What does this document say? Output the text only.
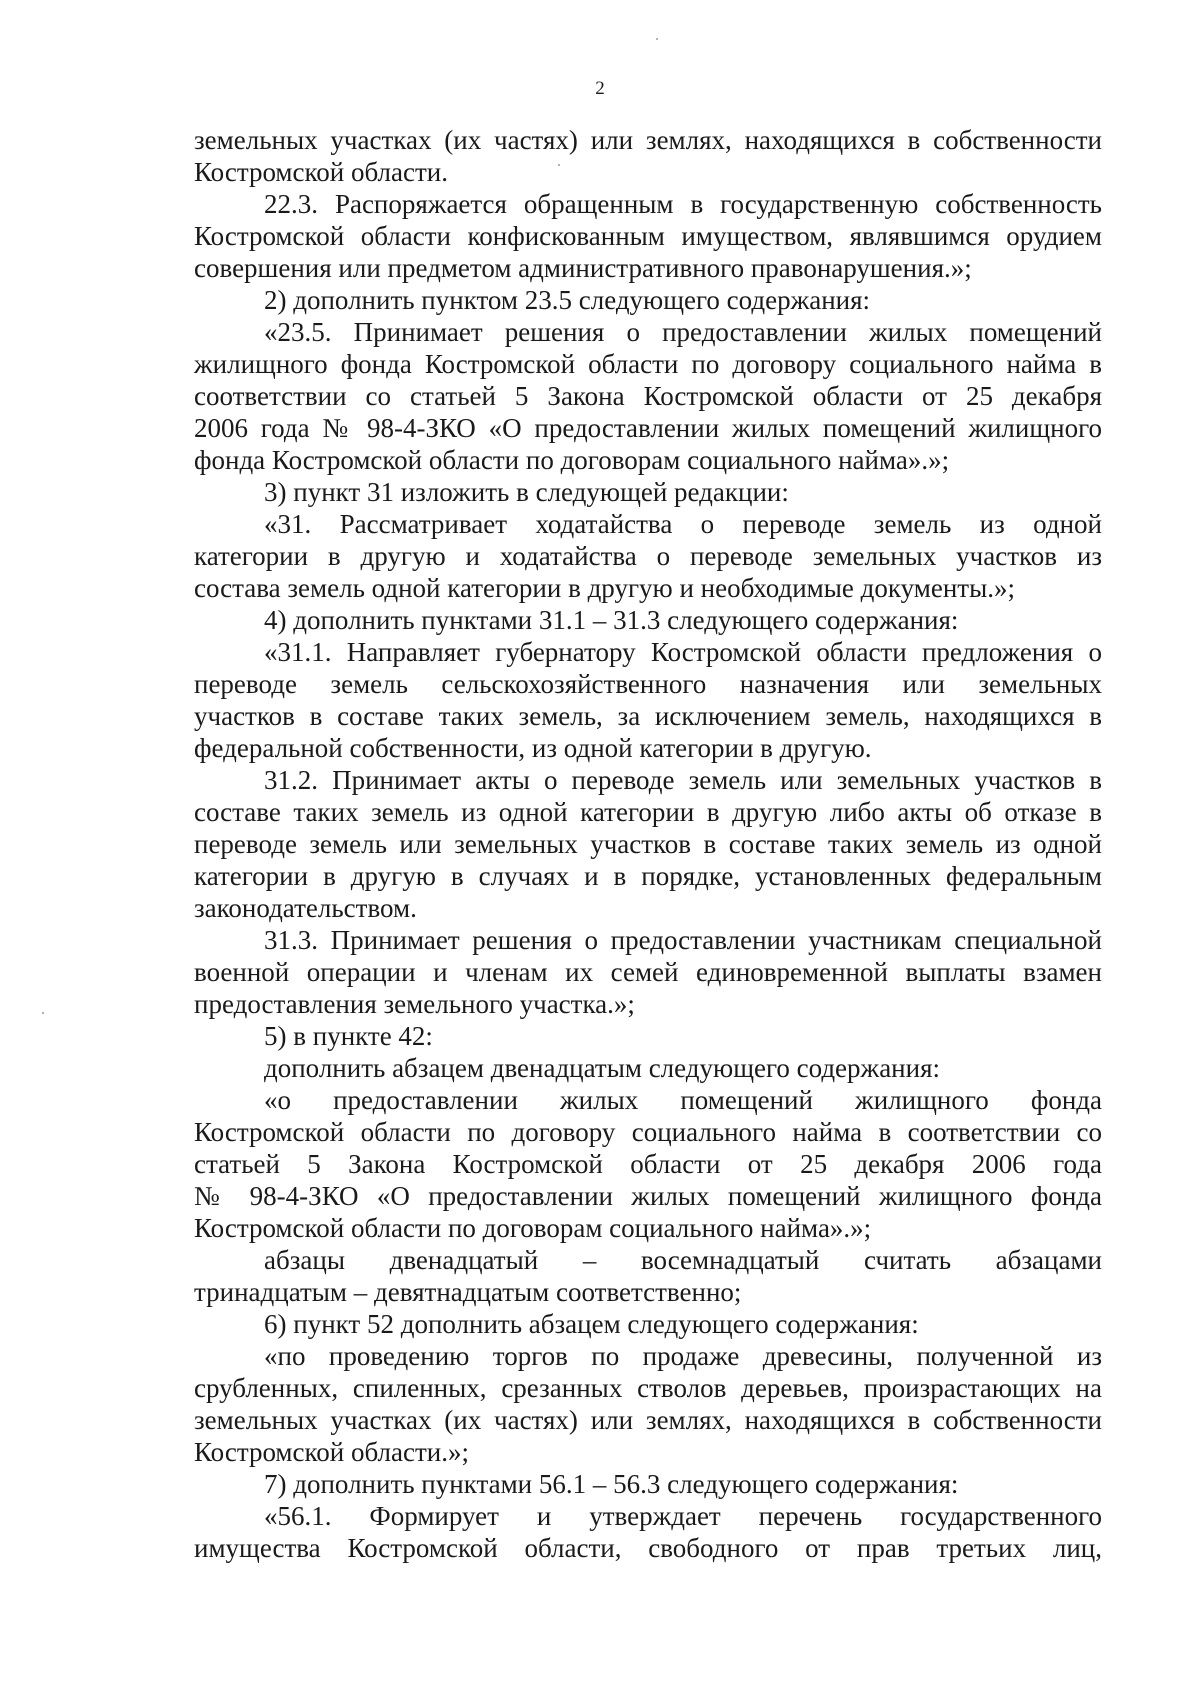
2
земельных участках (их частях) или землях, находящихся в собственности
Костромской области.
22.3. Распоряжается обращенным в государственную собственность
Костромской области конфискованным имуществом, являвшимся орудием
совершения или предметом административного правонарушения.»;
2) дополнить пунктом 23.5 следующего содержания:
«23.5. Принимает решения о предоставлении жилых помещений
жилищного фонда Костромской области по договору социального найма в
соответствии со статьей 5 Закона Костромской области от 25 декабря
2006 года № 98-4-ЗКО «О предоставлении жилых помещений жилищного
фонда Костромской области по договорам социального найма».»;
3) пункт 31 изложить в следующей редакции:
«31. Рассматривает ходатайства о переводе земель из одной
категории в другую и ходатайства о переводе земельных участков из
состава земель одной категории в другую и необходимые документы.»;
4) дополнить пунктами 31.1 – 31.3 следующего содержания:
«31.1. Направляет губернатору Костромской области предложения о
переводе земель сельскохозяйственного назначения или земельных
участков в составе таких земель, за исключением земель, находящихся в
федеральной собственности, из одной категории в другую.
31.2. Принимает акты о переводе земель или земельных участков в
составе таких земель из одной категории в другую либо акты об отказе в
переводе земель или земельных участков в составе таких земель из одной
категории в другую в случаях и в порядке, установленных федеральным
законодательством.
31.3. Принимает решения о предоставлении участникам специальной
военной операции и членам их семей единовременной выплаты взамен
предоставления земельного участка.»;
5) в пункте 42:
дополнить абзацем двенадцатым следующего содержания:
«о предоставлении жилых помещений жилищного фонда
Костромской области по договору социального найма в соответствии со
статьей 5 Закона Костромской области от 25 декабря 2006 года
№ 98-4-ЗКО «О предоставлении жилых помещений жилищного фонда
Костромской области по договорам социального найма».»;
абзацы двенадцатый – восемнадцатый считать абзацами
тринадцатым – девятнадцатым соответственно;
6) пункт 52 дополнить абзацем следующего содержания:
«по проведению торгов по продаже древесины, полученной из
срубленных, спиленных, срезанных стволов деревьев, произрастающих на
земельных участках (их частях) или землях, находящихся в собственности
Костромской области.»;
7) дополнить пунктами 56.1 – 56.3 следующего содержания:
«56.1. Формирует и утверждает перечень государственного
имущества Костромской области, свободного от прав третьих лиц,
